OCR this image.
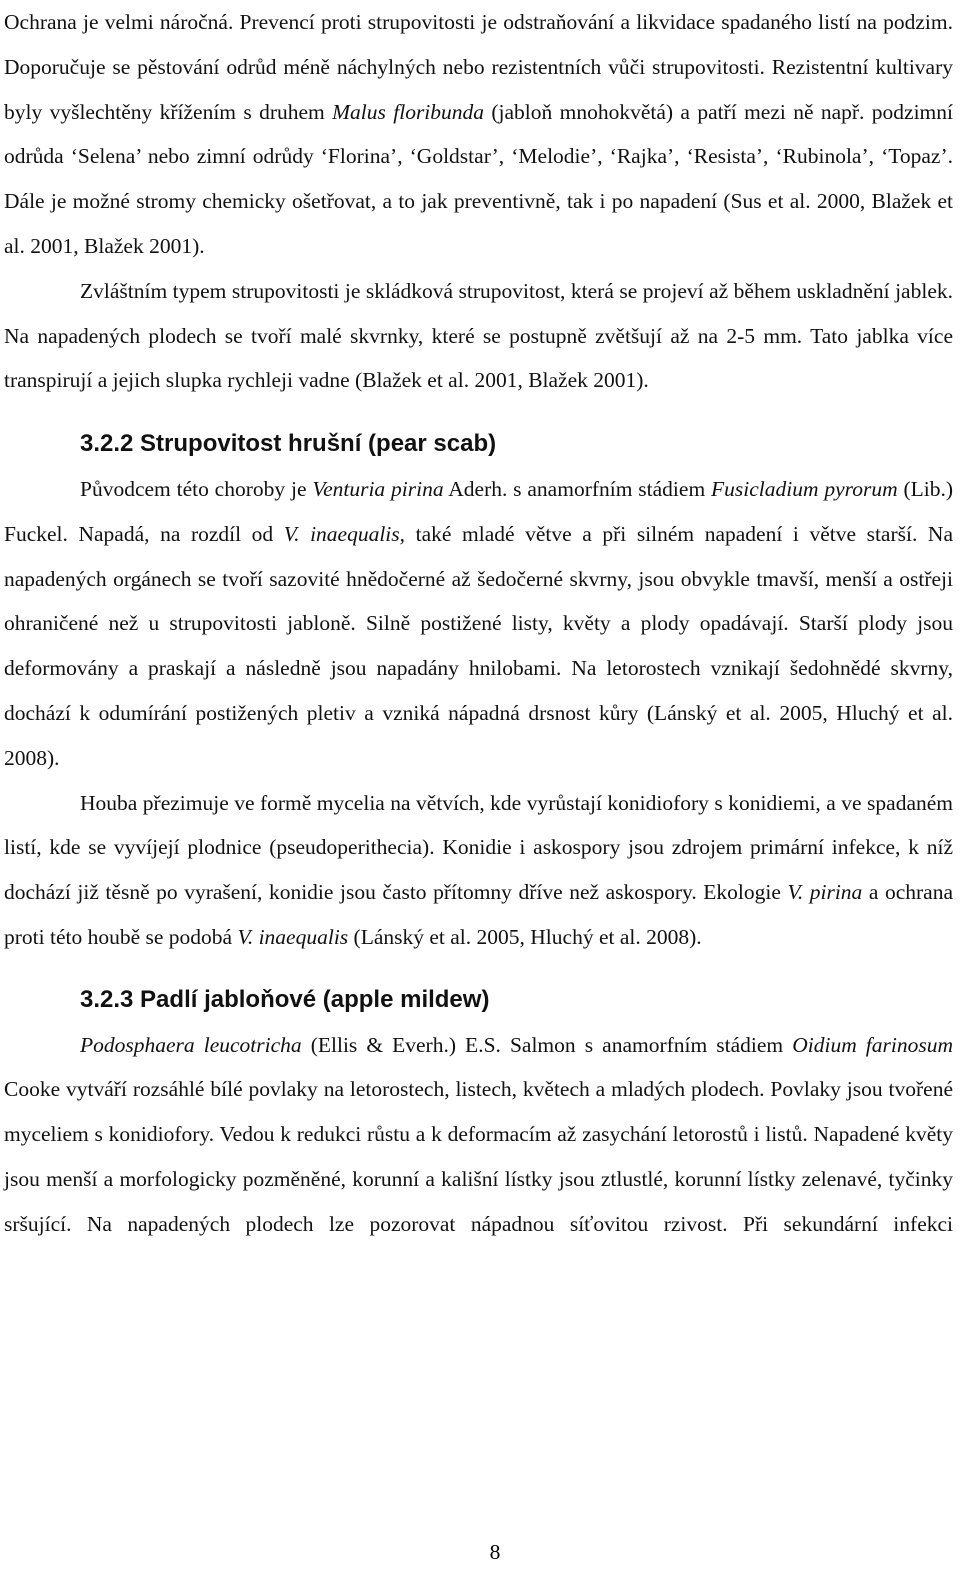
Ochrana je velmi náročná. Prevencí proti strupovitosti je odstraňování a likvidace spadaného listí na podzim. Doporučuje se pěstování odrůd méně náchylných nebo rezistentních vůči strupovitosti. Rezistentní kultivary byly vyšlechtěny křížením s druhem Malus floribunda (jabloň mnohokvětá) a patří mezi ně např. podzimní odrůda ‘Selena’ nebo zimní odrůdy ‘Florina’, ‘Goldstar’, ‘Melodie’, ‘Rajka’, ‘Resista’, ‘Rubinola’, ‘Topaz’. Dále je možné stromy chemicky ošetřovat, a to jak preventivně, tak i po napadení (Sus et al. 2000, Blažek et al. 2001, Blažek 2001).

Zvláštním typem strupovitosti je skládková strupovitost, která se projeví až během uskladnění jablek. Na napadených plodech se tvoří malé skvrnky, které se postupně zvětšují až na 2-5 mm. Tato jablka více transpirují a jejich slupka rychleji vadne (Blažek et al. 2001, Blažek 2001).

3.2.2 Strupovitost hrušní (pear scab)

Původcem této choroby je Venturia pirina Aderh. s anamorfním stádiem Fusicladium pyrorum (Lib.) Fuckel. Napadá, na rozdíl od V. inaequalis, také mladé větve a při silném napadení i větve starší. Na napadených orgánech se tvoří sazovité hnědočerné až šedočerné skvrny, jsou obvykle tmavší, menší a ostřeji ohraničené než u strupovitosti jabloně. Silně postižené listy, květy a plody opadávají. Starší plody jsou deformovány a praskají a následně jsou napadány hnilobami. Na letorostech vznikají šedohnědé skvrny, dochází k odumírání postižených pletiv a vzniká nápadná drsnost kůry (Lánský et al. 2005, Hluchý et al. 2008).

Houba přezimuje ve formě mycelia na větvích, kde vyrůstají konidiofory s konidiemi, a ve spadaném listí, kde se vyvíjejí plodnice (pseudoperithecia). Konidie i askospory jsou zdrojem primární infekce, k níž dochází již těsně po vyrašení, konidie jsou často přítomny dříve než askospory. Ekologie V. pirina a ochrana proti této houbě se podobá V. inaequalis (Lánský et al. 2005, Hluchý et al. 2008).

3.2.3 Padlí jabloňové (apple mildew)

Podosphaera leucotricha (Ellis & Everh.) E.S. Salmon s anamorfním stádiem Oidium farinosum Cooke vytváří rozsáhlé bílé povlaky na letorostech, listech, květech a mladých plodech. Povlaky jsou tvořené myceliem s konidiofory. Vedou k redukci růstu a k deformacím až zasychání letorostů i listů. Napadené květy jsou menší a morfologicky pozměněné, korunní a kališní lístky jsou ztlustlé, korunní lístky zelenavé, tyčinky sršující. Na napadených plodech lze pozorovat nápadnou síťovitou rzivost. Při sekundární infekci

8
